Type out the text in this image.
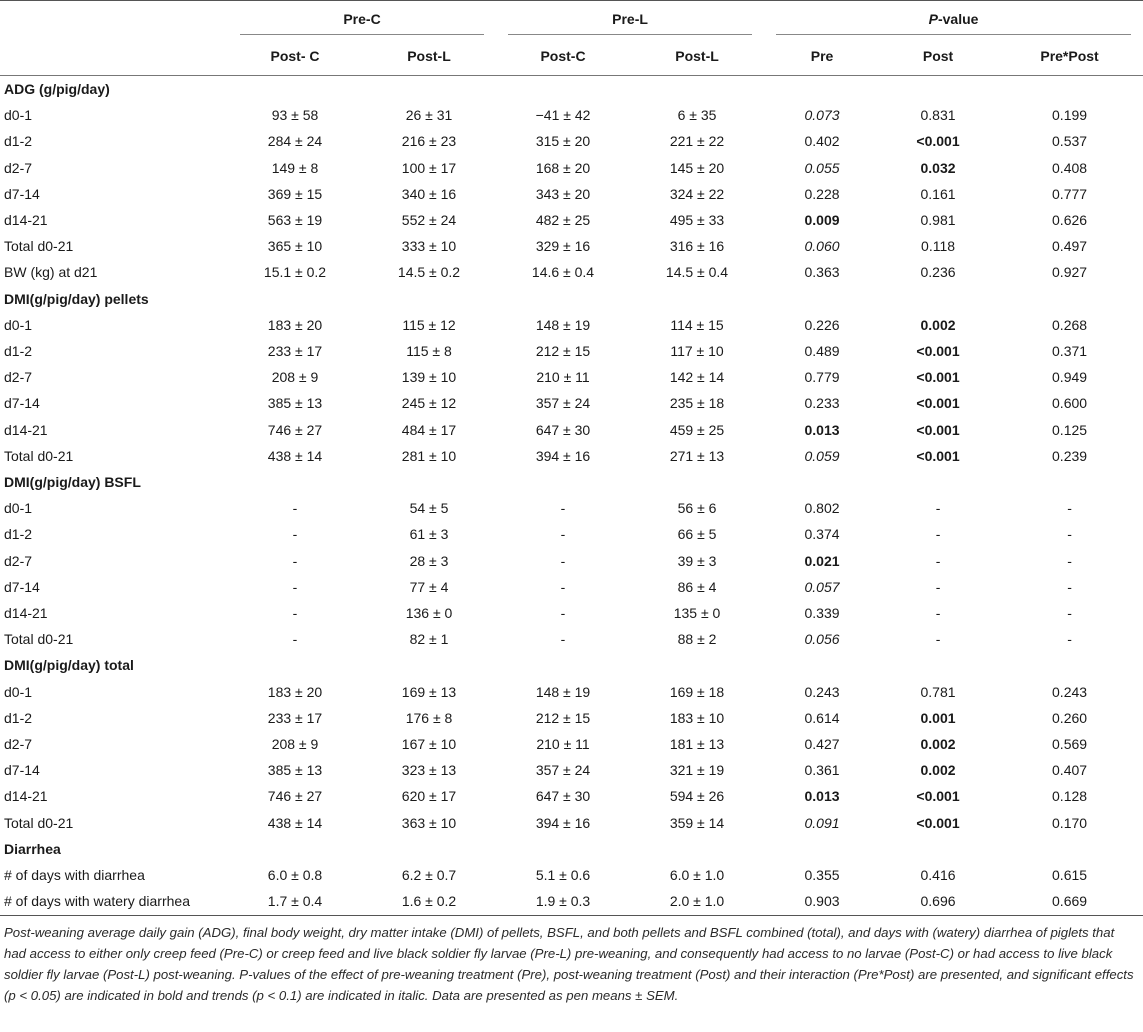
	Pre-C		Pre-L		P-value		
	Post- C	Post-L	Post-C	Post-L	Pre	Post	Pre*Post
ADG (g/pig/day)							
d0-1	93 ± 58	26 ± 31	−41 ± 42	6 ± 35	0.073	0.831	0.199
d1-2	284 ± 24	216 ± 23	315 ± 20	221 ± 22	0.402	<0.001	0.537
d2-7	149 ± 8	100 ± 17	168 ± 20	145 ± 20	0.055	0.032	0.408
d7-14	369 ± 15	340 ± 16	343 ± 20	324 ± 22	0.228	0.161	0.777
d14-21	563 ± 19	552 ± 24	482 ± 25	495 ± 33	0.009	0.981	0.626
Total d0-21	365 ± 10	333 ± 10	329 ± 16	316 ± 16	0.060	0.118	0.497
BW (kg) at d21	15.1 ± 0.2	14.5 ± 0.2	14.6 ± 0.4	14.5 ± 0.4	0.363	0.236	0.927
DMI(g/pig/day) pellets							
d0-1	183 ± 20	115 ± 12	148 ± 19	114 ± 15	0.226	0.002	0.268
d1-2	233 ± 17	115 ± 8	212 ± 15	117 ± 10	0.489	<0.001	0.371
d2-7	208 ± 9	139 ± 10	210 ± 11	142 ± 14	0.779	<0.001	0.949
d7-14	385 ± 13	245 ± 12	357 ± 24	235 ± 18	0.233	<0.001	0.600
d14-21	746 ± 27	484 ± 17	647 ± 30	459 ± 25	0.013	<0.001	0.125
Total d0-21	438 ± 14	281 ± 10	394 ± 16	271 ± 13	0.059	<0.001	0.239
DMI(g/pig/day) BSFL							
d0-1	-	54 ± 5	-	56 ± 6	0.802	-	-
d1-2	-	61 ± 3	-	66 ± 5	0.374	-	-
d2-7	-	28 ± 3	-	39 ± 3	0.021	-	-
d7-14	-	77 ± 4	-	86 ± 4	0.057	-	-
d14-21	-	136 ± 0	-	135 ± 0	0.339	-	-
Total d0-21	-	82 ± 1	-	88 ± 2	0.056	-	-
DMI(g/pig/day) total							
d0-1	183 ± 20	169 ± 13	148 ± 19	169 ± 18	0.243	0.781	0.243
d1-2	233 ± 17	176 ± 8	212 ± 15	183 ± 10	0.614	0.001	0.260
d2-7	208 ± 9	167 ± 10	210 ± 11	181 ± 13	0.427	0.002	0.569
d7-14	385 ± 13	323 ± 13	357 ± 24	321 ± 19	0.361	0.002	0.407
d14-21	746 ± 27	620 ± 17	647 ± 30	594 ± 26	0.013	<0.001	0.128
Total d0-21	438 ± 14	363 ± 10	394 ± 16	359 ± 14	0.091	<0.001	0.170
Diarrhea							
# of days with diarrhea	6.0 ± 0.8	6.2 ± 0.7	5.1 ± 0.6	6.0 ± 1.0	0.355	0.416	0.615
# of days with watery diarrhea	1.7 ± 0.4	1.6 ± 0.2	1.9 ± 0.3	2.0 ± 1.0	0.903	0.696	0.669
Post-weaning average daily gain (ADG), final body weight, dry matter intake (DMI) of pellets, BSFL, and both pellets and BSFL combined (total), and days with (watery) diarrhea of piglets that had access to either only creep feed (Pre-C) or creep feed and live black soldier fly larvae (Pre-L) pre-weaning, and consequently had access to no larvae (Post-C) or had access to live black soldier fly larvae (Post-L) post-weaning. P-values of the effect of pre-weaning treatment (Pre), post-weaning treatment (Post) and their interaction (Pre*Post) are presented, and significant effects (p < 0.05) are indicated in bold and trends (p < 0.1) are indicated in italic. Data are presented as pen means ± SEM.
